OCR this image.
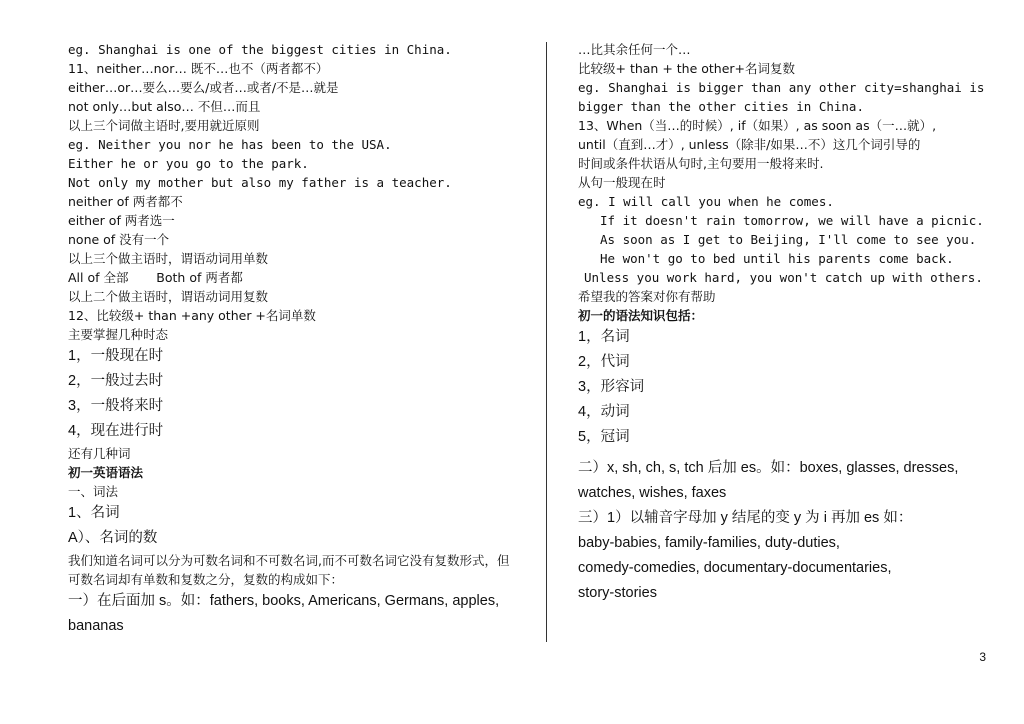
eg. Shanghai is one of the biggest cities in China.
11、neither…nor… 既不…也不（两者都不）
either…or…要么…要么/或者…或者/不是…就是
not only…but also… 不但…而且
以上三个词做主语时,要用就近原则
eg. Neither you nor he has been to the USA.
Either he or you go to the park.
Not only my mother but also my father is a teacher.
neither of 两者都不
either of 两者选一
none of 没有一个
以上三个做主语时，谓语动词用单数
All of 全部       Both of 两者都
以上二个做主语时，谓语动词用复数
12、比较级+ than +any other +名词单数
主要掌握几种时态
1，一般现在时
2，一般过去时
3，一般将来时
4，现在进行时
还有几种词
初一英语语法
一、词法
1、名词
A）、名词的数
我们知道名词可以分为可数名词和不可数名词,而不可数名词它没有复数形式，但可数名词却有单数和复数之分，复数的构成如下：
一）在后面加 s。如：fathers, books, Americans, Germans, apples,
bananas
…比其余任何一个…
比较级+ than + the other+名词复数
eg. Shanghai is bigger than any other city=shanghai is
bigger than the other cities in China.
13、When（当…的时候）, if（如果）, as soon as（一…就）,
until（直到…才）, unless（除非/如果…不）这几个词引导的
时间或条件状语从句时,主句要用一般将来时.
从句一般现在时
eg. I will call you when he comes.
If it doesn't rain tomorrow, we will have a picnic.
As soon as I get to Beijing, I'll come to see you.
He won't go to bed until his parents come back.
Unless you work hard, you won't catch up with others.
希望我的答案对你有帮助
初一的语法知识包括：
1，名词
2，代词
3，形容词
4，动词
5，冠词
二）x, sh, ch, s, tch 后加 es。如：boxes, glasses, dresses,
watches, wishes, faxes
三）1）以辅音字母加 y 结尾的变 y 为 i 再加 es 如：
baby-babies, family-families, duty-duties,
comedy-comedies, documentary-documentaries,
story-stories
3
